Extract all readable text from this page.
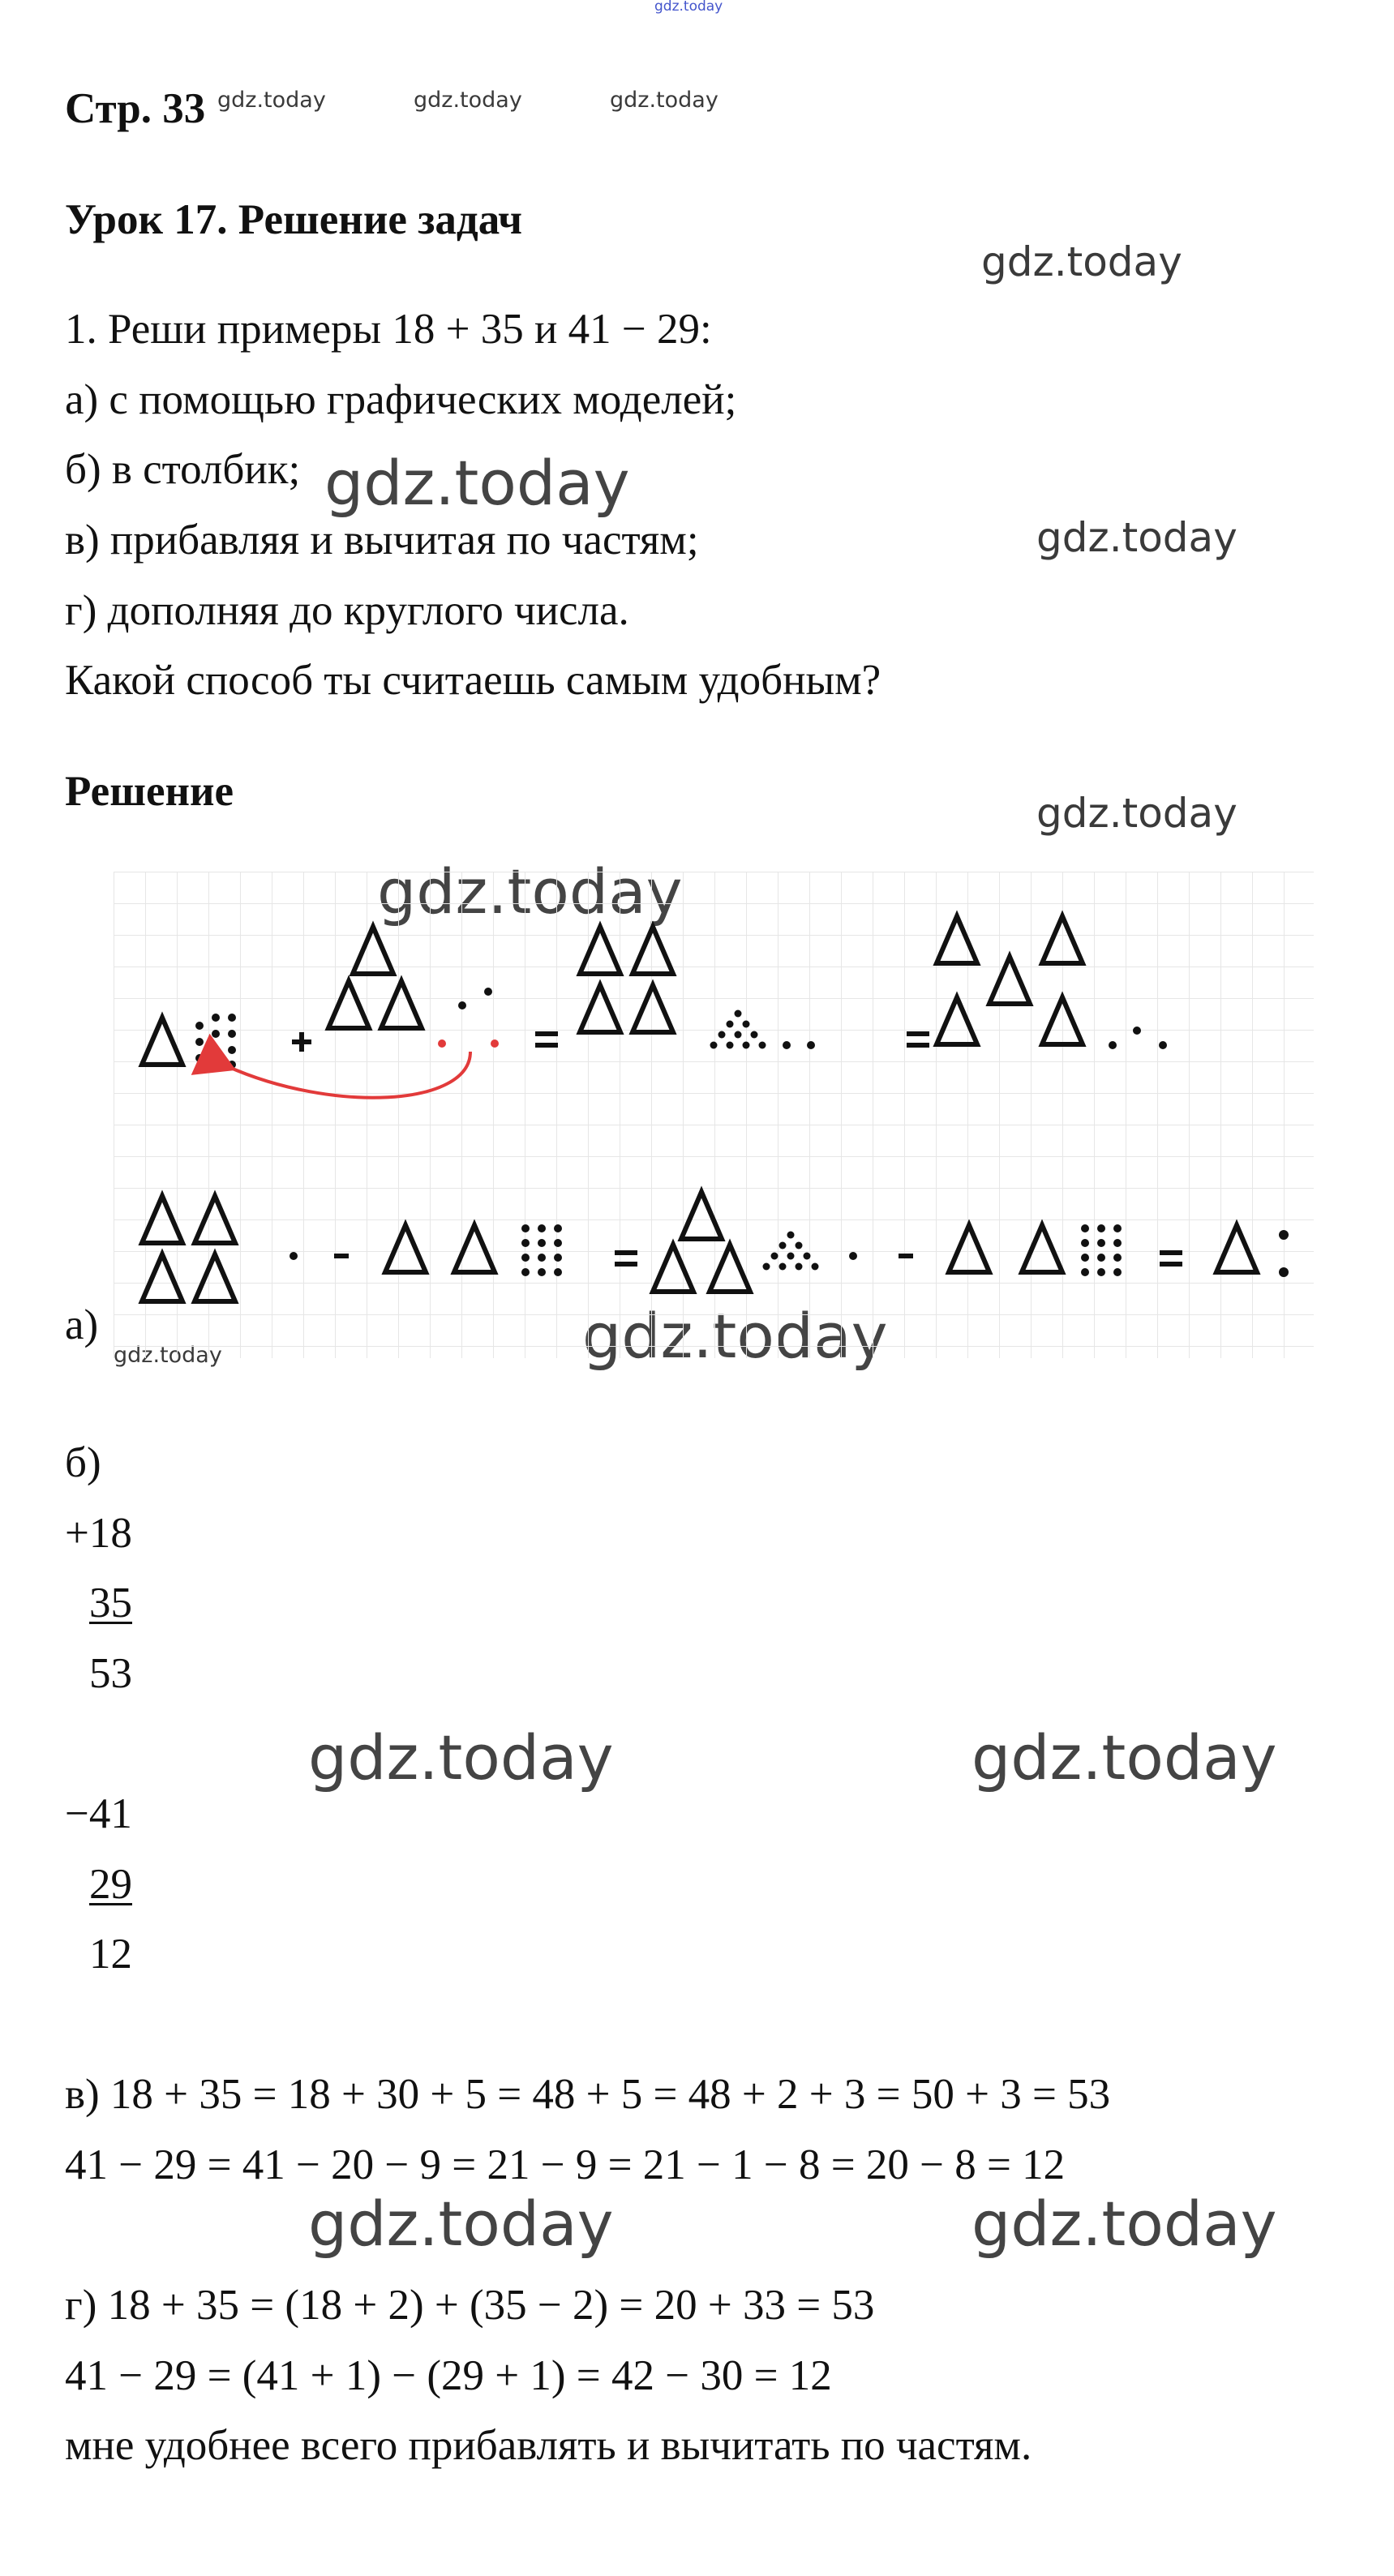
gdz.today
gdz.today	gdz.today	gdz.today
gdz.today
gdz.today
gdz.today
gdz.today
gdz.today	gdz.today
gdz.today	gdz.today
Стр. 33
Урок 17. Решение задач
1. Реши примеры 18 + 35 и 41 − 29:
а) с помощью графических моделей;
б) в столбик;
в) прибавляя и вычитая по частям;
г) дополняя до круглого числа.
Какой способ ты считаешь самым удобным?
Решение
а)
б)
+18
35
53
−41
29
12
в) 18 + 35 = 18 + 30 + 5 = 48 + 5 = 48 + 2 + 3 = 50 + 3 = 53
41 − 29 = 41 − 20 − 9 = 21 − 9 = 21 − 1 − 8 = 20 − 8 = 12
г) 18 + 35 = (18 + 2) + (35 − 2) = 20 + 33 = 53
41 − 29 = (41 + 1) − (29 + 1) = 42 − 30 = 12
мне удобнее всего прибавлять и вычитать по частям.
